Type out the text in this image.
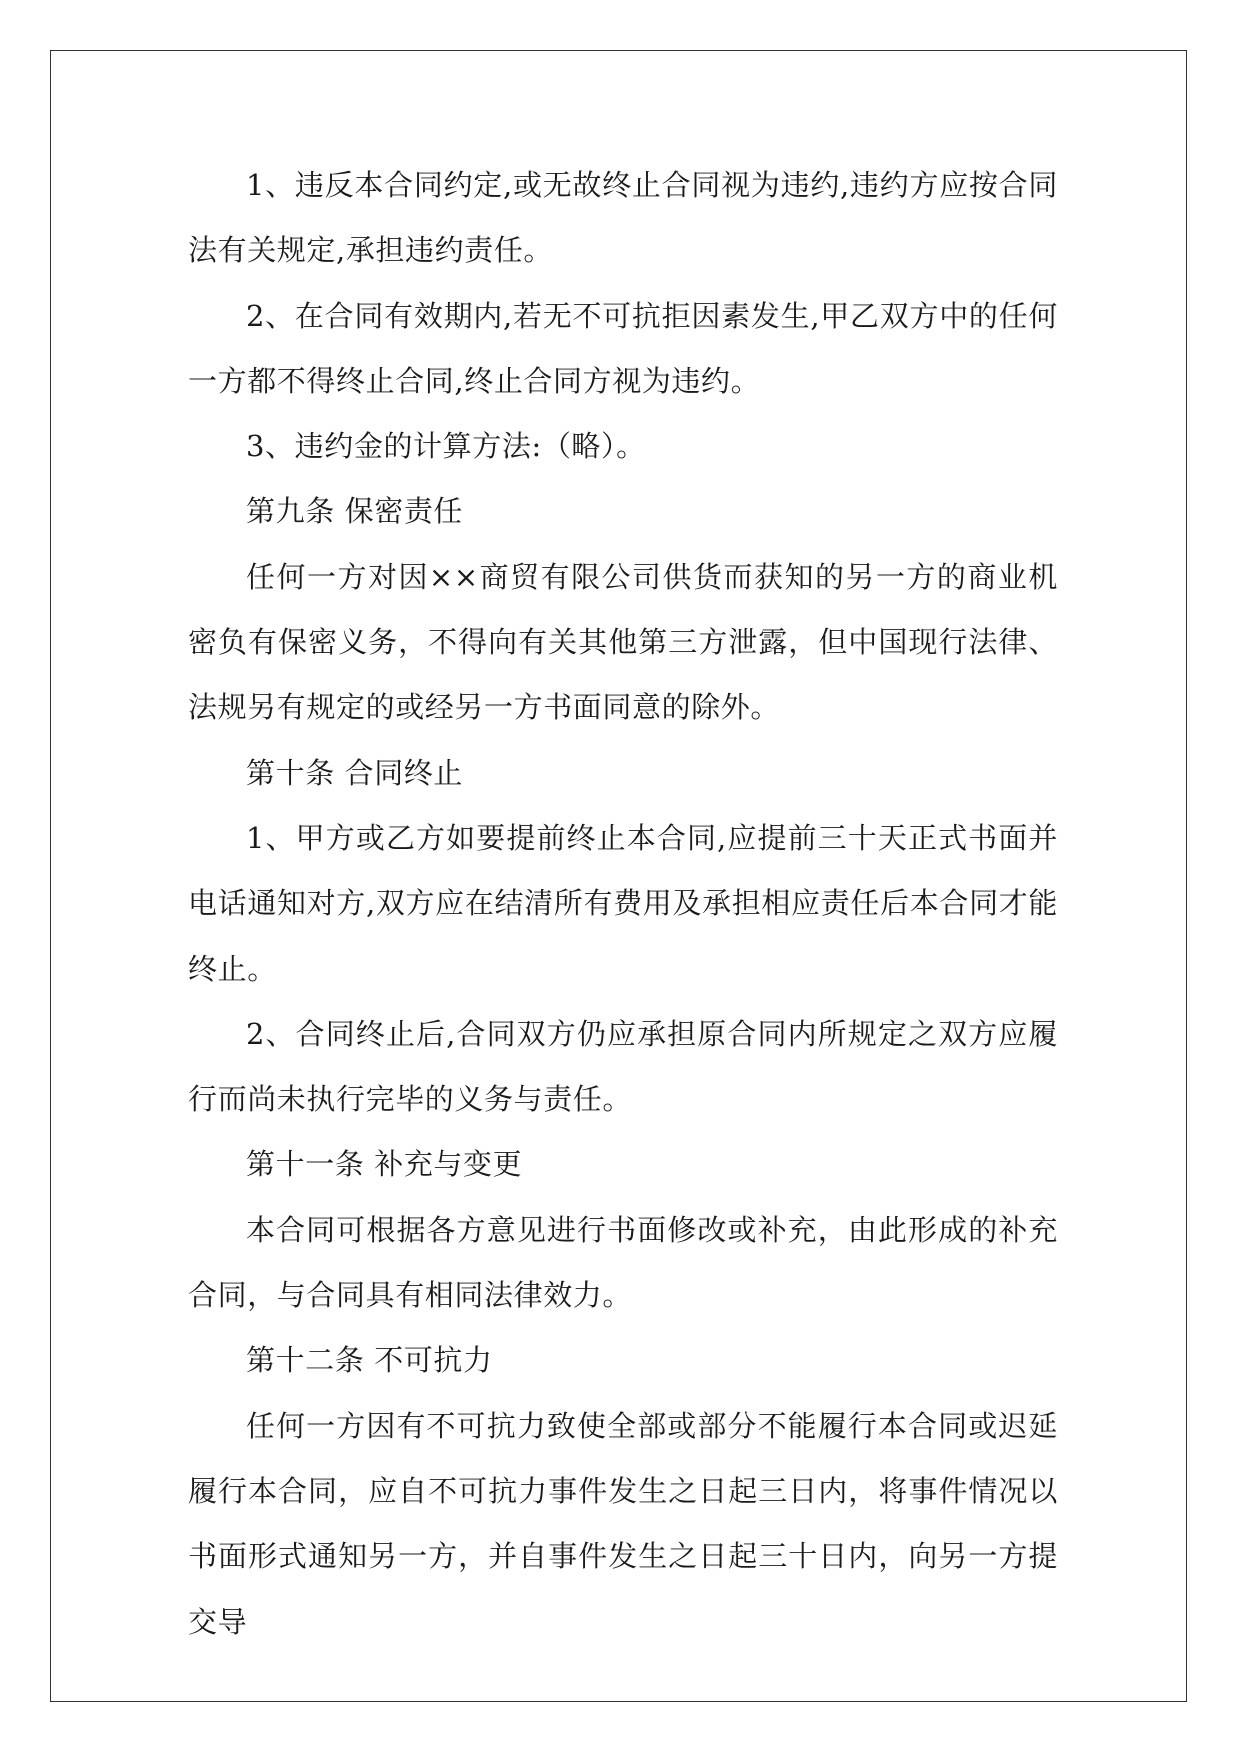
1、违反本合同约定,或无故终止合同视为违约,违约方应按合同法有关规定,承担违约责任。

2、在合同有效期内,若无不可抗拒因素发生,甲乙双方中的任何一方都不得终止合同,终止合同方视为违约。

3、违约金的计算方法:（略）。

第九条 保密责任

任何一方对因××商贸有限公司供货而获知的另一方的商业机密负有保密义务，不得向有关其他第三方泄露，但中国现行法律、法规另有规定的或经另一方书面同意的除外。

第十条 合同终止

1、甲方或乙方如要提前终止本合同,应提前三十天正式书面并电话通知对方,双方应在结清所有费用及承担相应责任后本合同才能终止。

2、合同终止后,合同双方仍应承担原合同内所规定之双方应履行而尚未执行完毕的义务与责任。

第十一条 补充与变更

本合同可根据各方意见进行书面修改或补充，由此形成的补充合同，与合同具有相同法律效力。

第十二条 不可抗力

任何一方因有不可抗力致使全部或部分不能履行本合同或迟延履行本合同，应自不可抗力事件发生之日起三日内，将事件情况以书面形式通知另一方，并自事件发生之日起三十日内，向另一方提交导
